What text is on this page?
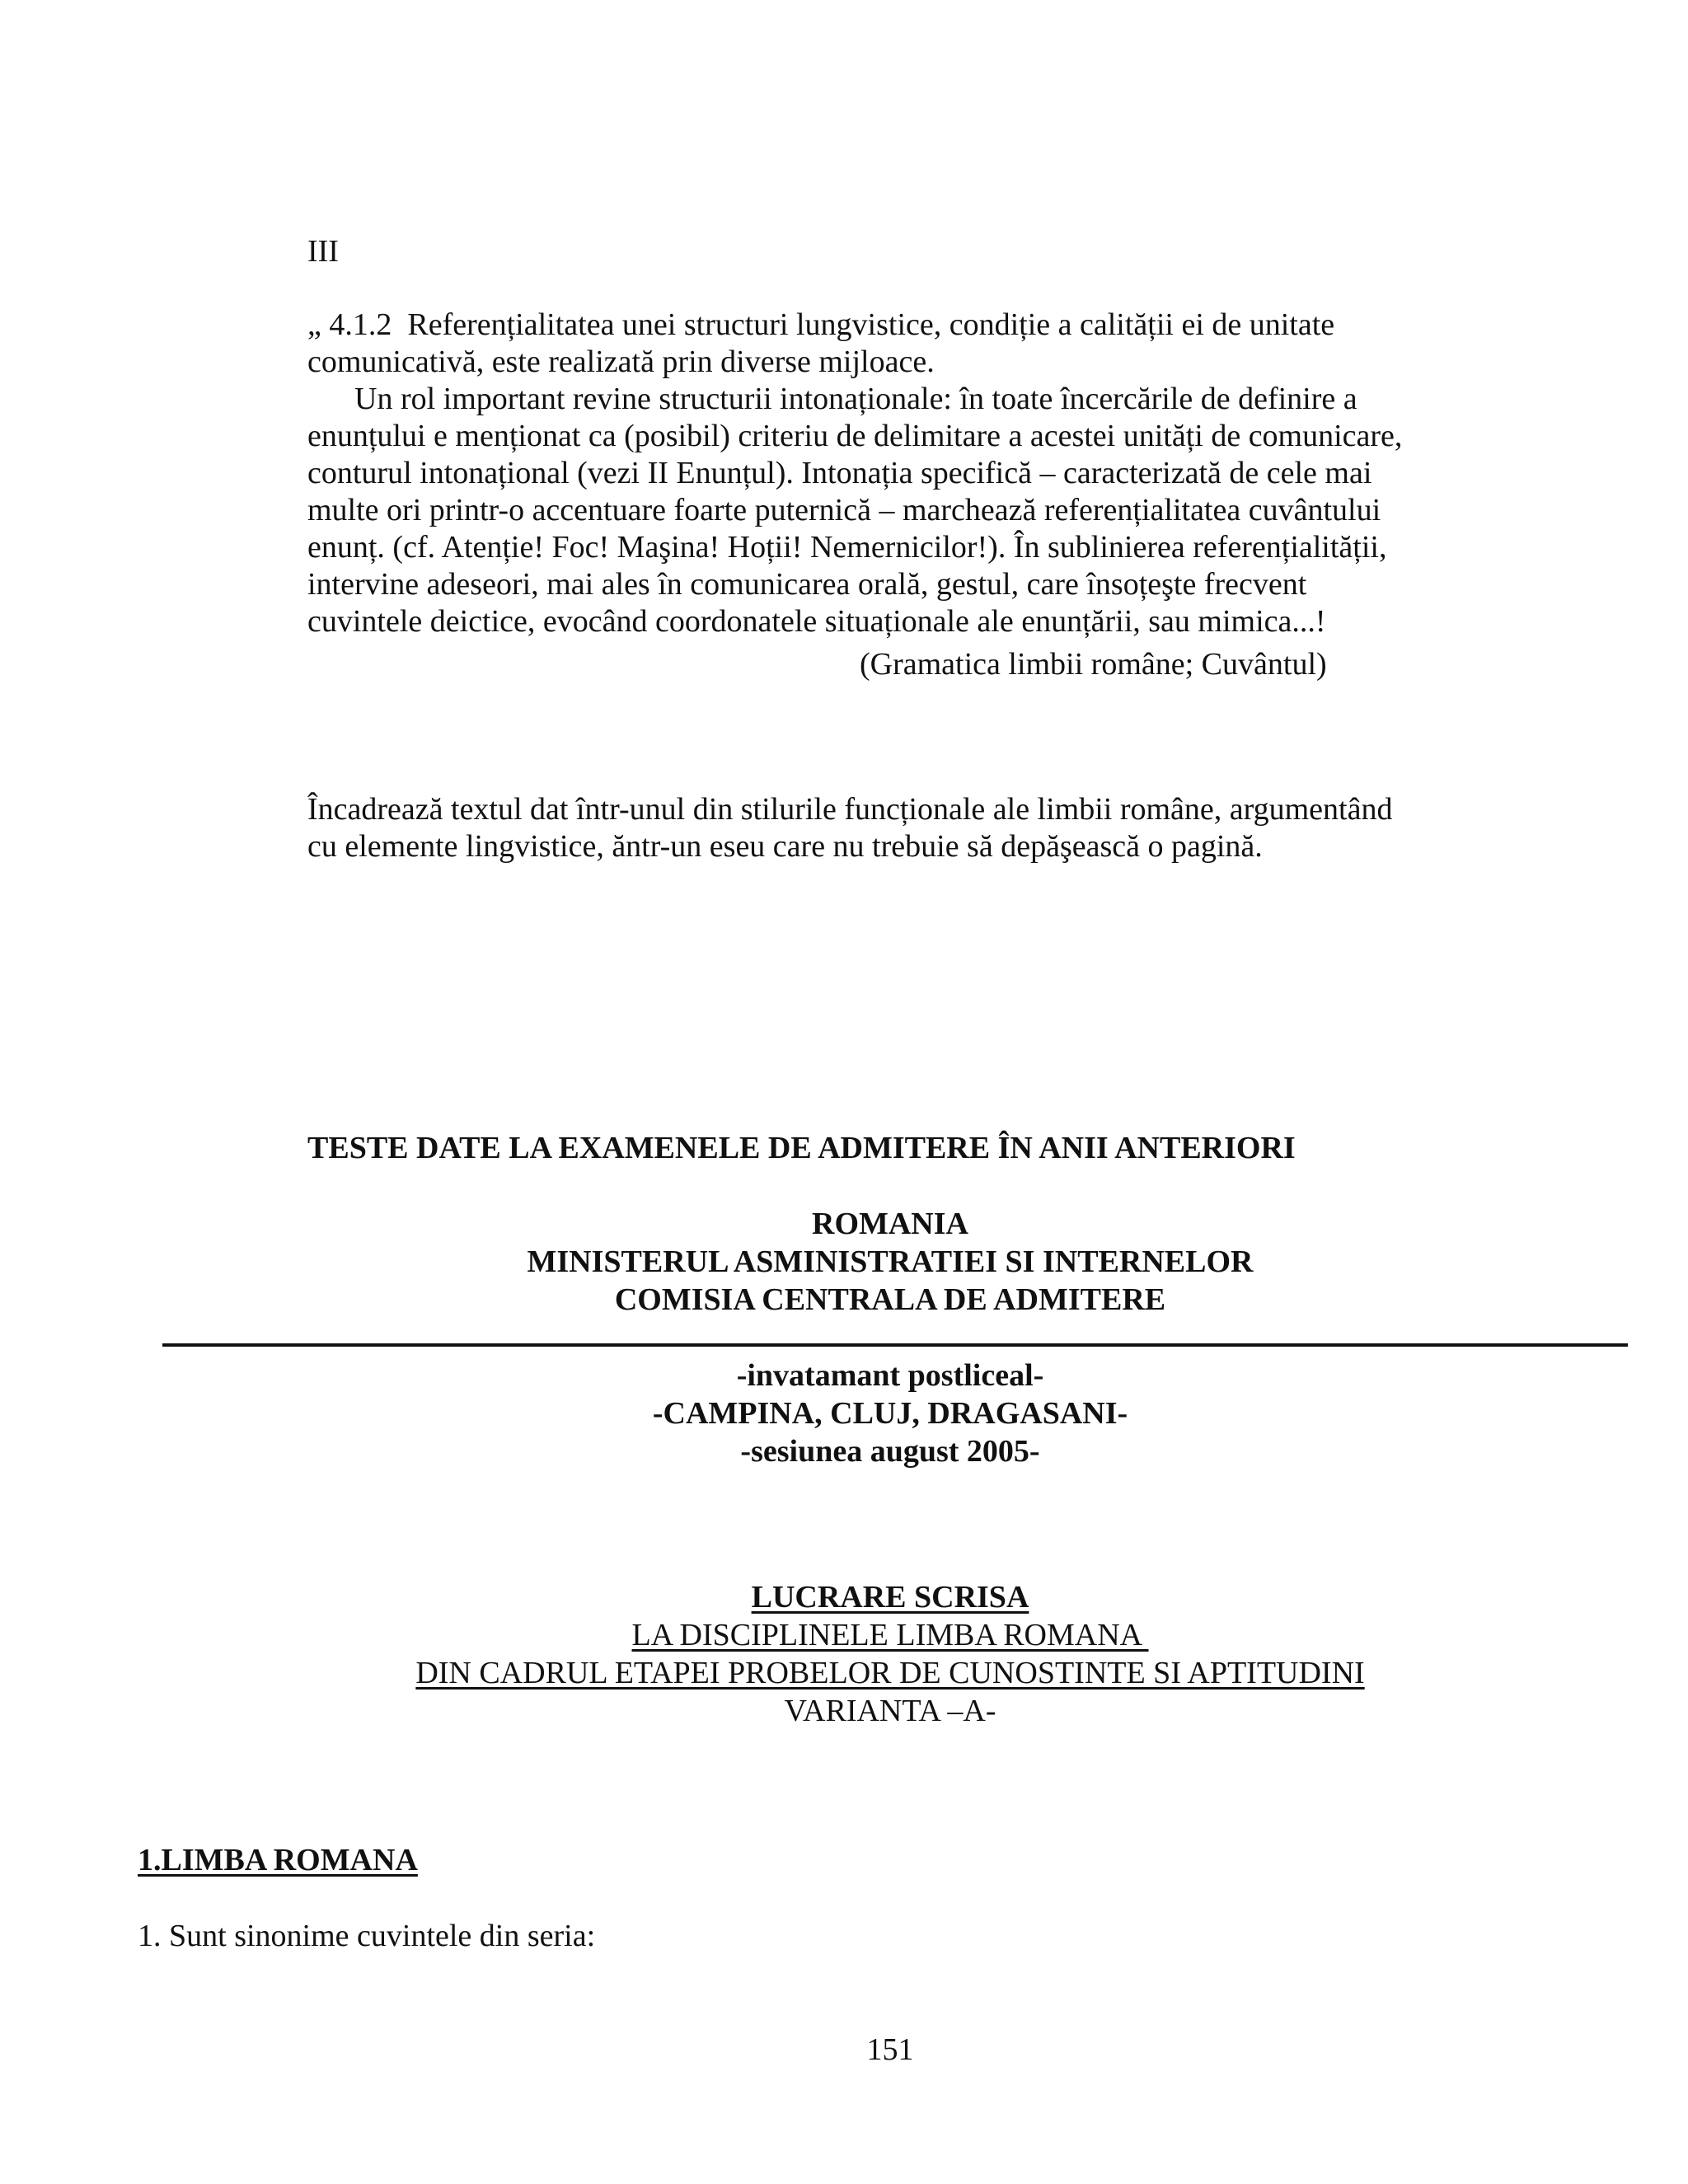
III
„ 4.1.2  Referențialitatea unei structuri lungvistice, condiție a calității ei de unitate
comunicativă, este realizată prin diverse mijloace.
Un rol important revine structurii intonaționale: în toate încercările de definire a
enunțului e menționat ca (posibil) criteriu de delimitare a acestei unități de comunicare,
conturul intonațional (vezi II Enunțul). Intonația specifică – caracterizată de cele mai
multe ori printr-o accentuare foarte puternică – marchează referențialitatea cuvântului
enunț. (cf. Atenție! Foc! Maşina! Hoții! Nemernicilor!). În sublinierea referențialității,
intervine adeseori, mai ales în comunicarea orală, gestul, care însoțeşte frecvent
cuvintele deictice, evocând coordonatele situaționale ale enunțării, sau mimica...!
(Gramatica limbii române; Cuvântul)
Încadrează textul dat într-unul din stilurile funcționale ale limbii române, argumentând
cu elemente lingvistice, ăntr-un eseu care nu trebuie să depăşească o pagină.
TESTE DATE LA EXAMENELE DE ADMITERE ÎN ANII ANTERIORI
ROMANIA
MINISTERUL ASMINISTRATIEI SI INTERNELOR
COMISIA CENTRALA DE ADMITERE
-invatamant postliceal-
-CAMPINA, CLUJ, DRAGASANI-
-sesiunea august 2005-
LUCRARE SCRISA
LA DISCIPLINELE LIMBA ROMANA
DIN CADRUL ETAPEI PROBELOR DE CUNOSTINTE SI APTITUDINI
VARIANTA –A-
1.LIMBA ROMANA
1. Sunt sinonime cuvintele din seria:
151
